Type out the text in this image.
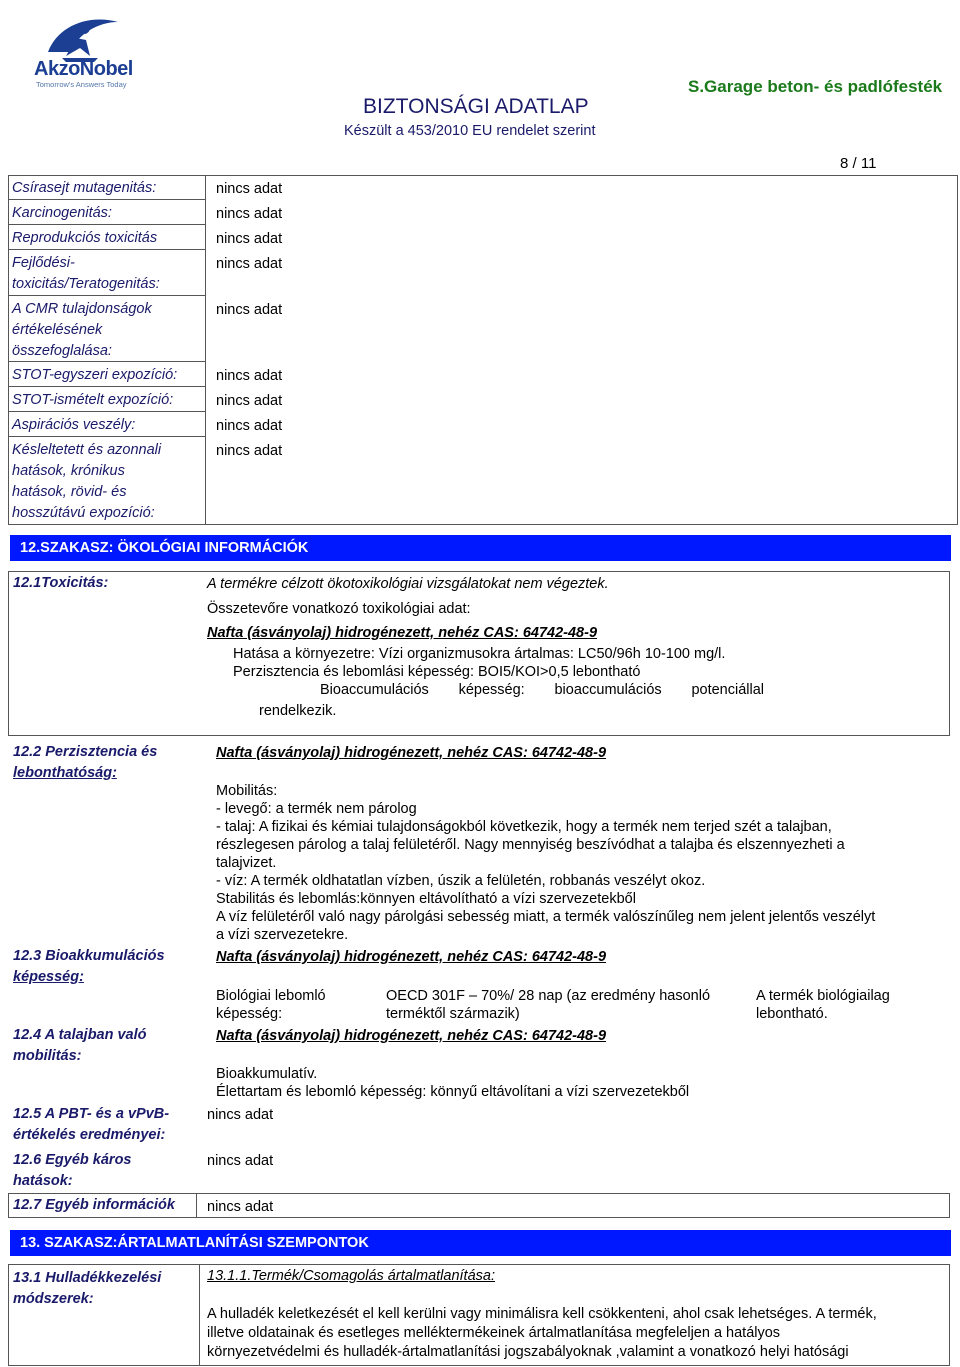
AkzoNobel
Tomorrow's Answers Today
BIZTONSÁGI ADATLAP
Készült a 453/2010 EU rendelet szerint
S.Garage beton- és padlófesték
8 / 11
Csírasejt mutagenitás:	nincs adat
Karcinogenitás:	nincs adat
Reprodukciós toxicitás	nincs adat
Fejlődési-
toxicitás/Teratogenitás:
nincs adat
A CMR tulajdonságok
értékelésének
összefoglalása:
nincs adat
STOT-egyszeri expozíció:	nincs adat
STOT-ismételt expozíció:	nincs adat
Aspirációs veszély:	nincs adat
Késleltetett és azonnali
hatások, krónikus
hatások, rövid- és
hosszútávú expozíció:
nincs adat
12.SZAKASZ: ÖKOLÓGIAI INFORMÁCIÓK
12.1Toxicitás:	A termékre célzott ökotoxikológiai vizsgálatokat nem végeztek.
Összetevőre vonatkozó toxikológiai adat:
Nafta (ásványolaj) hidrogénezett, nehéz CAS: 64742-48-9
Hatása a környezetre: Vízi organizmusokra ártalmas: LC50/96h 10-100 mg/l.
Perzisztencia és lebomlási képesség: BOI5/KOI>0,5 lebontható
Bioaccumulációs képesség: bioaccumulációs potenciállal
rendelkezik.
12.2 Perzisztencia és
lebonthatóság:
Nafta (ásványolaj) hidrogénezett, nehéz CAS: 64742-48-9
Mobilitás:
- levegő: a termék nem párolog
- talaj: A fizikai és kémiai tulajdonságokból következik, hogy a termék nem terjed szét a talajban,
részlegesen párolog a talaj felületéről. Nagy mennyiség beszívódhat a talajba és elszennyezheti a
talajvizet.
- víz: A termék oldhatatlan vízben, úszik a felületén, robbanás veszélyt okoz.
Stabilitás és lebomlás:könnyen eltávolítható a vízi szervezetekből
A víz felületéről való nagy párolgási sebesség miatt, a termék valószínűleg nem jelent jelentős veszélyt
a vízi szervezetekre.
12.3 Bioakkumulációs
képesség:
Nafta (ásványolaj) hidrogénezett, nehéz CAS: 64742-48-9
Biológiai lebomló
képesség:
OECD 301F – 70%/ 28 nap (az eredmény hasonló
terméktől származik)
A termék biológiailag
lebontható.
12.4 A talajban való
mobilitás:
Nafta (ásványolaj) hidrogénezett, nehéz CAS: 64742-48-9
Bioakkumulatív.
Élettartam és lebomló képesség: könnyű eltávolítani a vízi szervezetekből
12.5 A PBT- és a vPvB-
értékelés eredményei:
nincs adat
12.6 Egyéb káros
hatások:
nincs adat
12.7 Egyéb információk nincs adat
13. SZAKASZ:ÁRTALMATLANÍTÁSI SZEMPONTOK
13.1 Hulladékkezelési
módszerek:
13.1.1.Termék/Csomagolás ártalmatlanítása:
A hulladék keletkezését el kell kerülni vagy minimálisra kell csökkenteni, ahol csak lehetséges. A termék,
illetve oldatainak és esetleges melléktermékeinek ártalmatlanítása megfeleljen a hatályos
környezetvédelmi és hulladék-ártalmatlanítási jogszabályoknak ,valamint a vonatkozó helyi hatósági
